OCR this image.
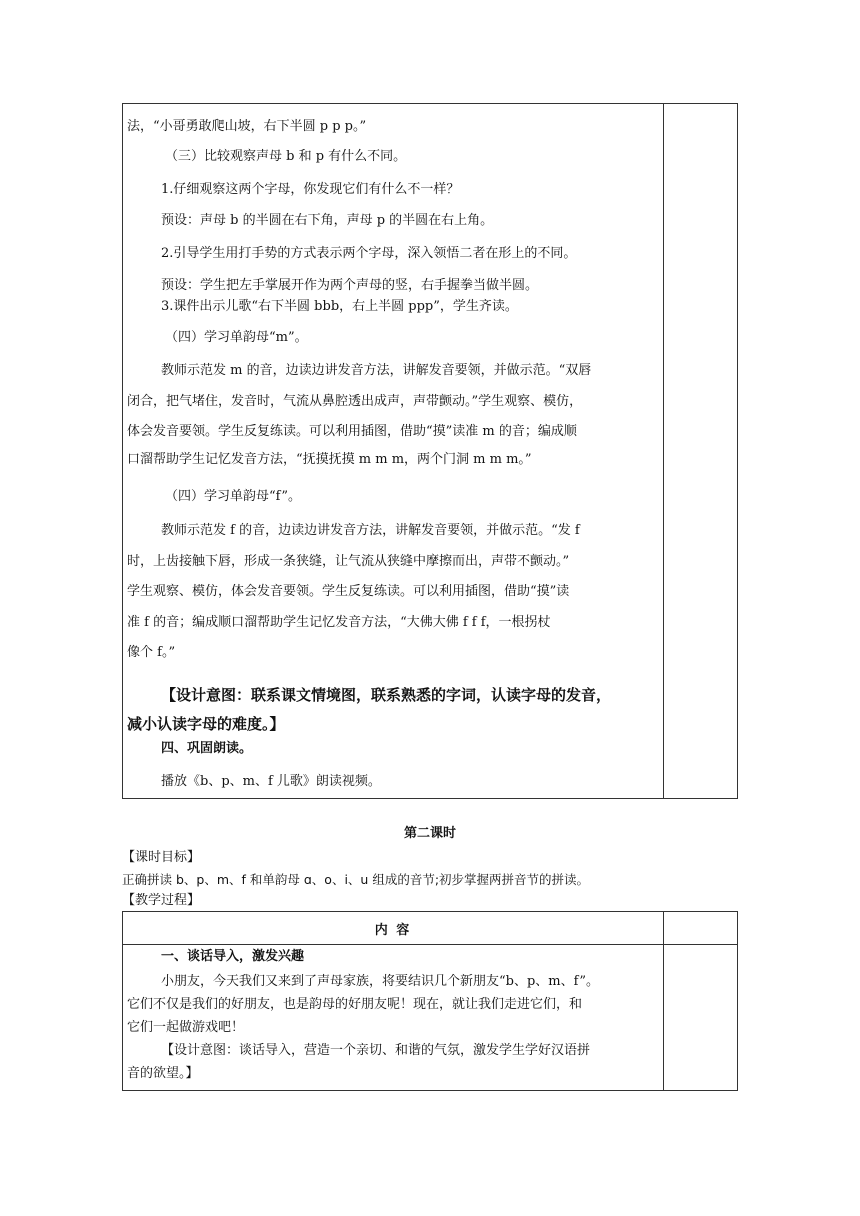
法，“小哥勇敢爬山坡，右下半圆 p p p。”
（三）比较观察声母 b 和 p 有什么不同。
1.仔细观察这两个字母，你发现它们有什么不一样？
预设：声母 b 的半圆在右下角，声母 p 的半圆在右上角。
2.引导学生用打手势的方式表示两个字母，深入领悟二者在形上的不同。
预设：学生把左手掌展开作为两个声母的竖，右手握拳当做半圆。
3.课件出示儿歌“右下半圆 bbb，右上半圆 ppp”，学生齐读。
（四）学习单韵母“m”。
教师示范发 m 的音，边读边讲发音方法，讲解发音要领，并做示范。“双唇
闭合，把气堵住，发音时，气流从鼻腔透出成声，声带颤动。”学生观察、模仿，
体会发音要领。学生反复练读。可以利用插图，借助“摸”读准 m 的音；编成顺
口溜帮助学生记忆发音方法，“抚摸抚摸 m m m，两个门洞 m m m。”
（四）学习单韵母“f”。
教师示范发 f 的音，边读边讲发音方法，讲解发音要领，并做示范。“发 f
时，上齿接触下唇，形成一条狭缝，让气流从狭缝中摩擦而出，声带不颤动。”
学生观察、模仿，体会发音要领。学生反复练读。可以利用插图，借助“摸”读
准 f 的音；编成顺口溜帮助学生记忆发音方法，“大佛大佛 f f f，一根拐杖
像个 f。”
【设计意图：联系课文情境图，联系熟悉的字词，认读字母的发音，
减小认读字母的难度。】
四、巩固朗读。
播放《b、p、m、f 儿歌》朗读视频。
第二课时
【课时目标】
正确拼读 b、p、m、f 和单韵母 ɑ、o、i、u 组成的音节;初步掌握两拼音节的拼读。
【教学过程】
内 容
一、谈话导入，激发兴趣
小朋友，今天我们又来到了声母家族，将要结识几个新朋友“b、p、m、f”。
它们不仅是我们的好朋友，也是韵母的好朋友呢！现在，就让我们走进它们，和
它们一起做游戏吧！
【设计意图：谈话导入，营造一个亲切、和谐的气氛，激发学生学好汉语拼
音的欲望。】
